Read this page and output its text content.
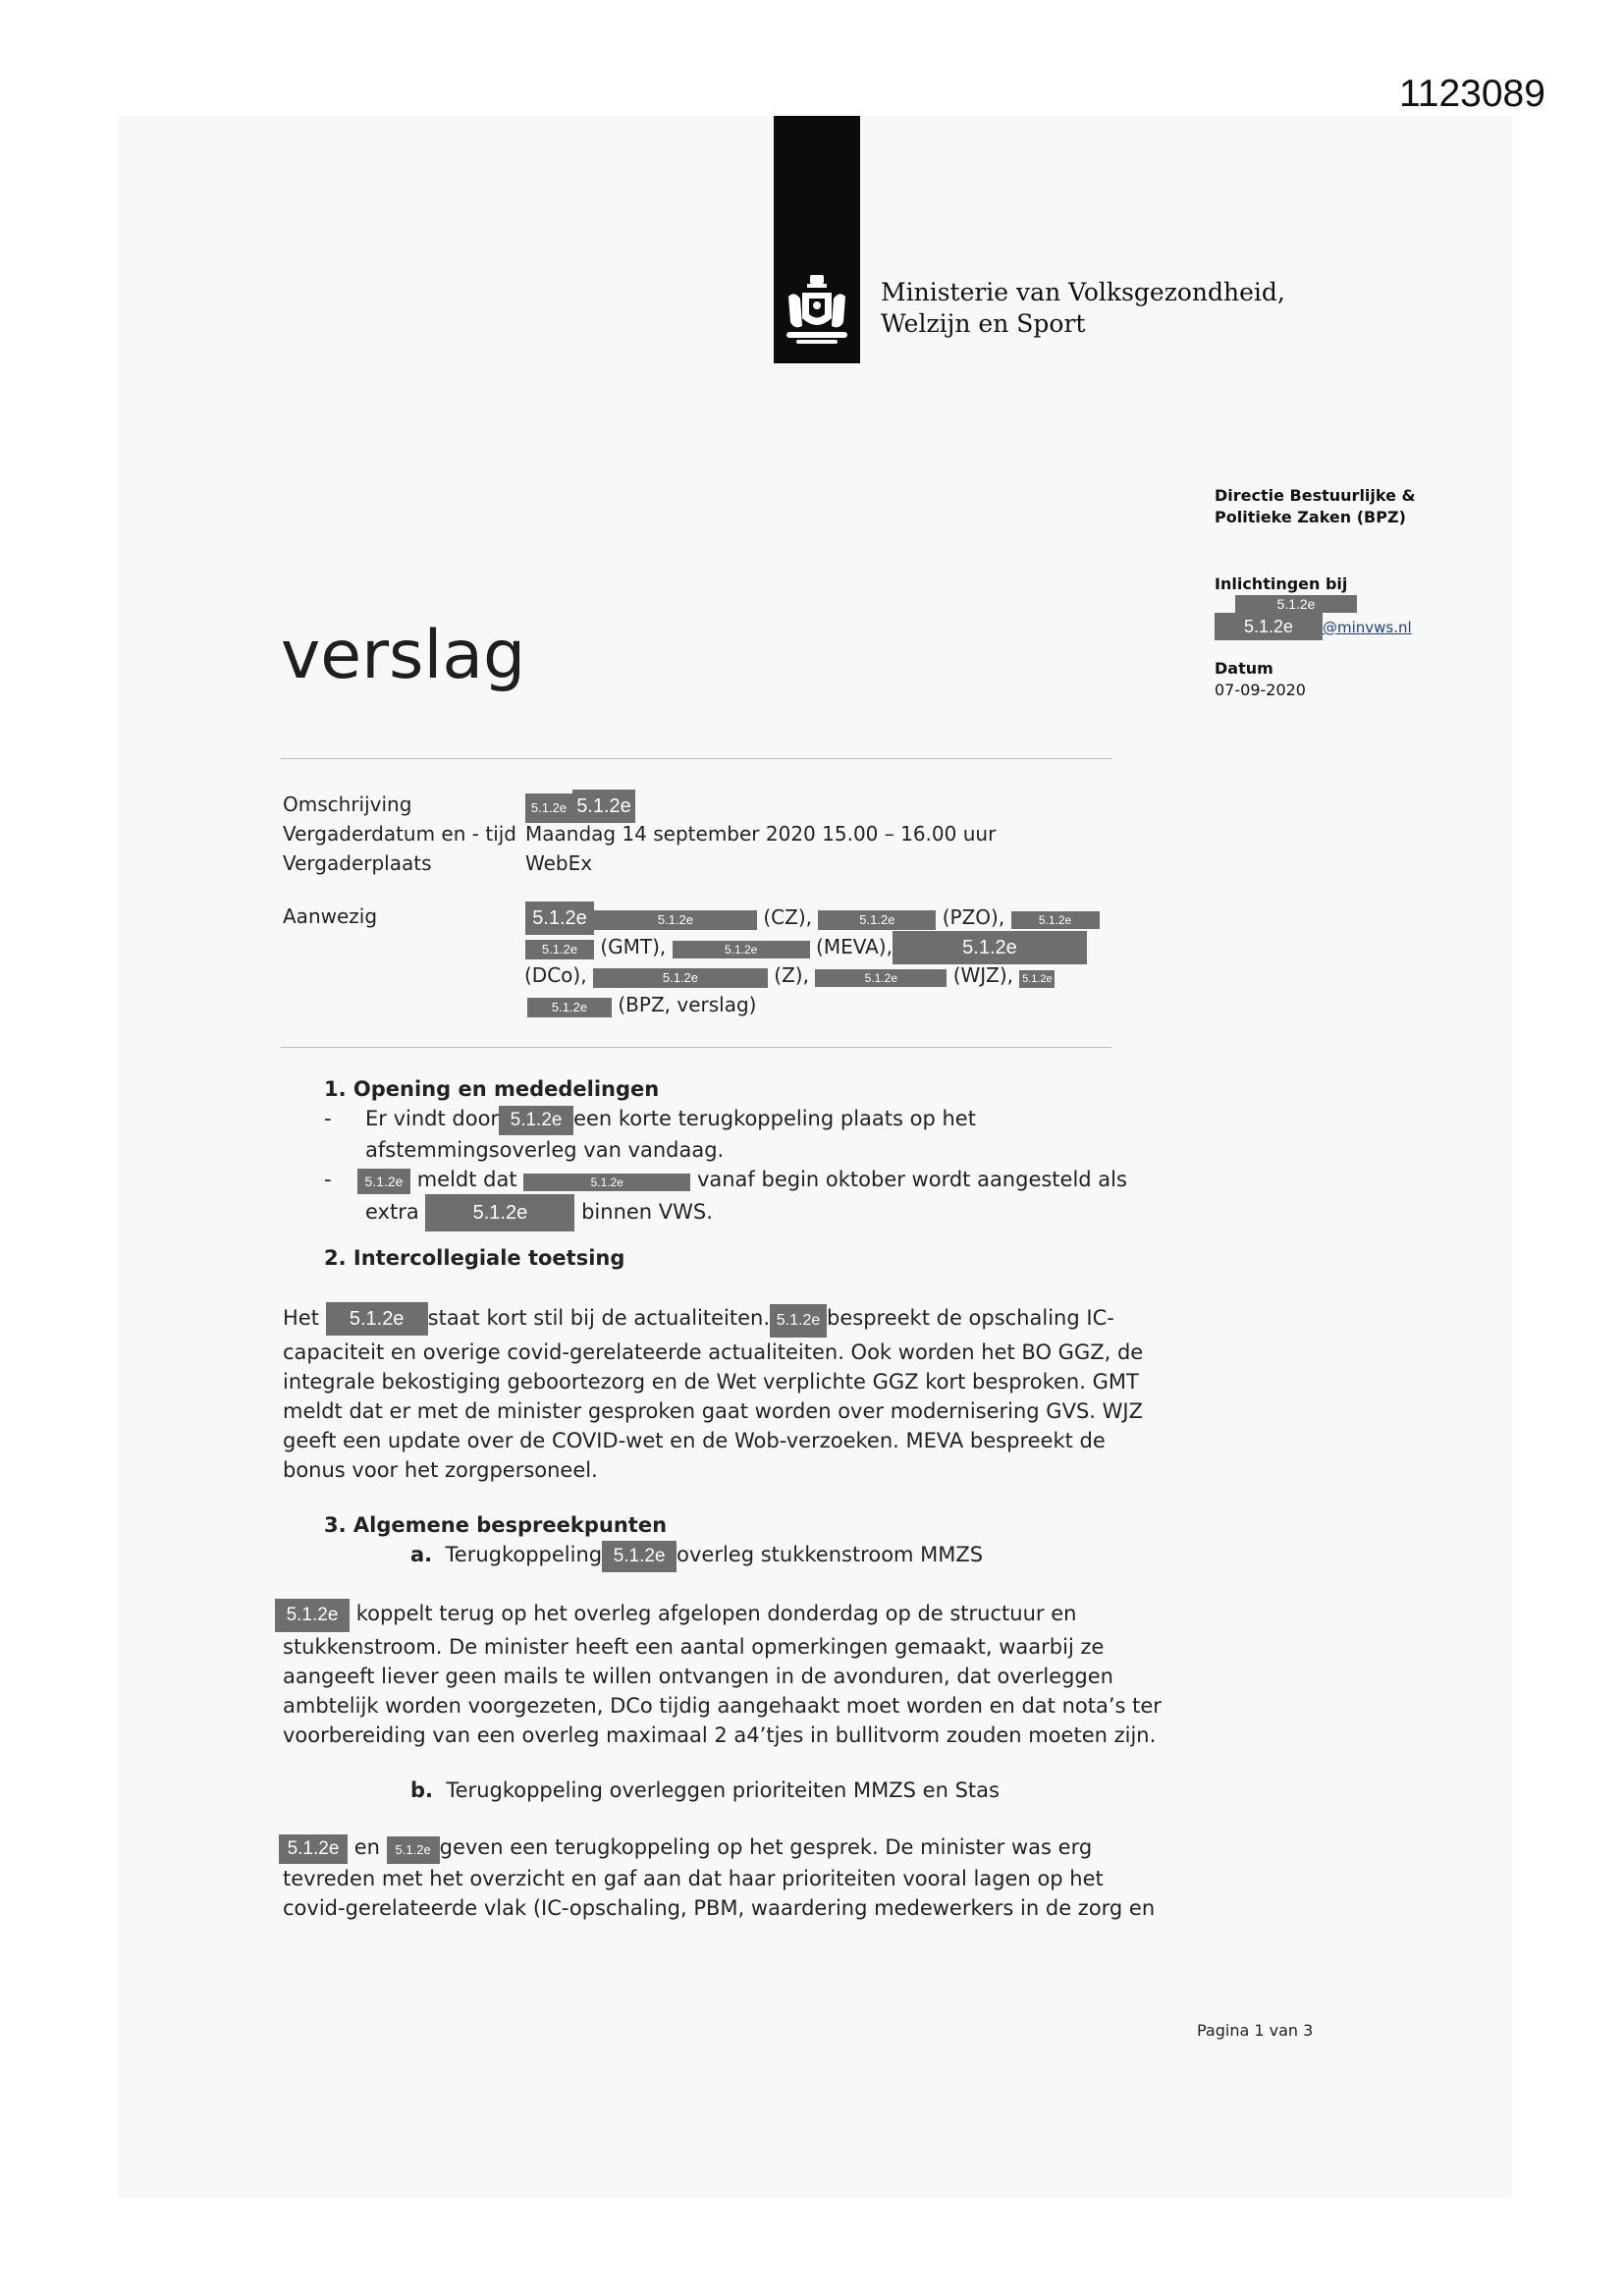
1123089
Ministerie van Volksgezondheid,
Welzijn en Sport
Directie Bestuurlijke &
Politieke Zaken (BPZ)
Inlichtingen bij
5.1.2e
5.1.2e	@minvws.nl
Datum
07-09-2020
verslag
Omschrijving	5.1.2e 5.1.2e
Vergaderdatum en - tijd Maandag 14 september 2020 15.00 – 16.00 uur
Vergaderplaats	WebEx
Aanwezig	5.1.2e	5.1.2e	(CZ),	5.1.2e (PZO),	5.1.2e
5.1.2e (GMT),	5.1.2e	(MEVA),	5.1.2e
(DCo),	5.1.2e	(Z),	5.1.2e	(WJZ), 5.1.2e
5.1.2e (BPZ, verslag)
1. Opening en mededelingen
- Er vindt door 5.1.2e een korte terugkoppeling plaats op het
afstemmingsoverleg van vandaag.
- 5.1.2e meldt dat	5.1.2e	vanaf begin oktober wordt aangesteld als
extra	5.1.2e	binnen VWS.
2. Intercollegiale toetsing
Het 5.1.2e staat kort stil bij de actualiteiten. 5.1.2e bespreekt de opschaling IC-
capaciteit en overige covid-gerelateerde actualiteiten. Ook worden het BO GGZ, de
integrale bekostiging geboortezorg en de Wet verplichte GGZ kort besproken. GMT
meldt dat er met de minister gesproken gaat worden over modernisering GVS. WJZ
geeft een update over de COVID-wet en de Wob-verzoeken. MEVA bespreekt de
bonus voor het zorgpersoneel.
3. Algemene bespreekpunten
a. Terugkoppeling 5.1.2e overleg stukkenstroom MMZS
5.1.2e koppelt terug op het overleg afgelopen donderdag op de structuur en
stukkenstroom. De minister heeft een aantal opmerkingen gemaakt, waarbij ze
aangeeft liever geen mails te willen ontvangen in de avonduren, dat overleggen
ambtelijk worden voorgezeten, DCo tijdig aangehaakt moet worden en dat nota’s ter
voorbereiding van een overleg maximaal 2 a4’tjes in bullitvorm zouden moeten zijn.
b. Terugkoppeling overleggen prioriteiten MMZS en Stas
5.1.2e en 5.1.2e geven een terugkoppeling op het gesprek. De minister was erg
tevreden met het overzicht en gaf aan dat haar prioriteiten vooral lagen op het
covid-gerelateerde vlak (IC-opschaling, PBM, waardering medewerkers in de zorg en
Pagina 1 van 3
